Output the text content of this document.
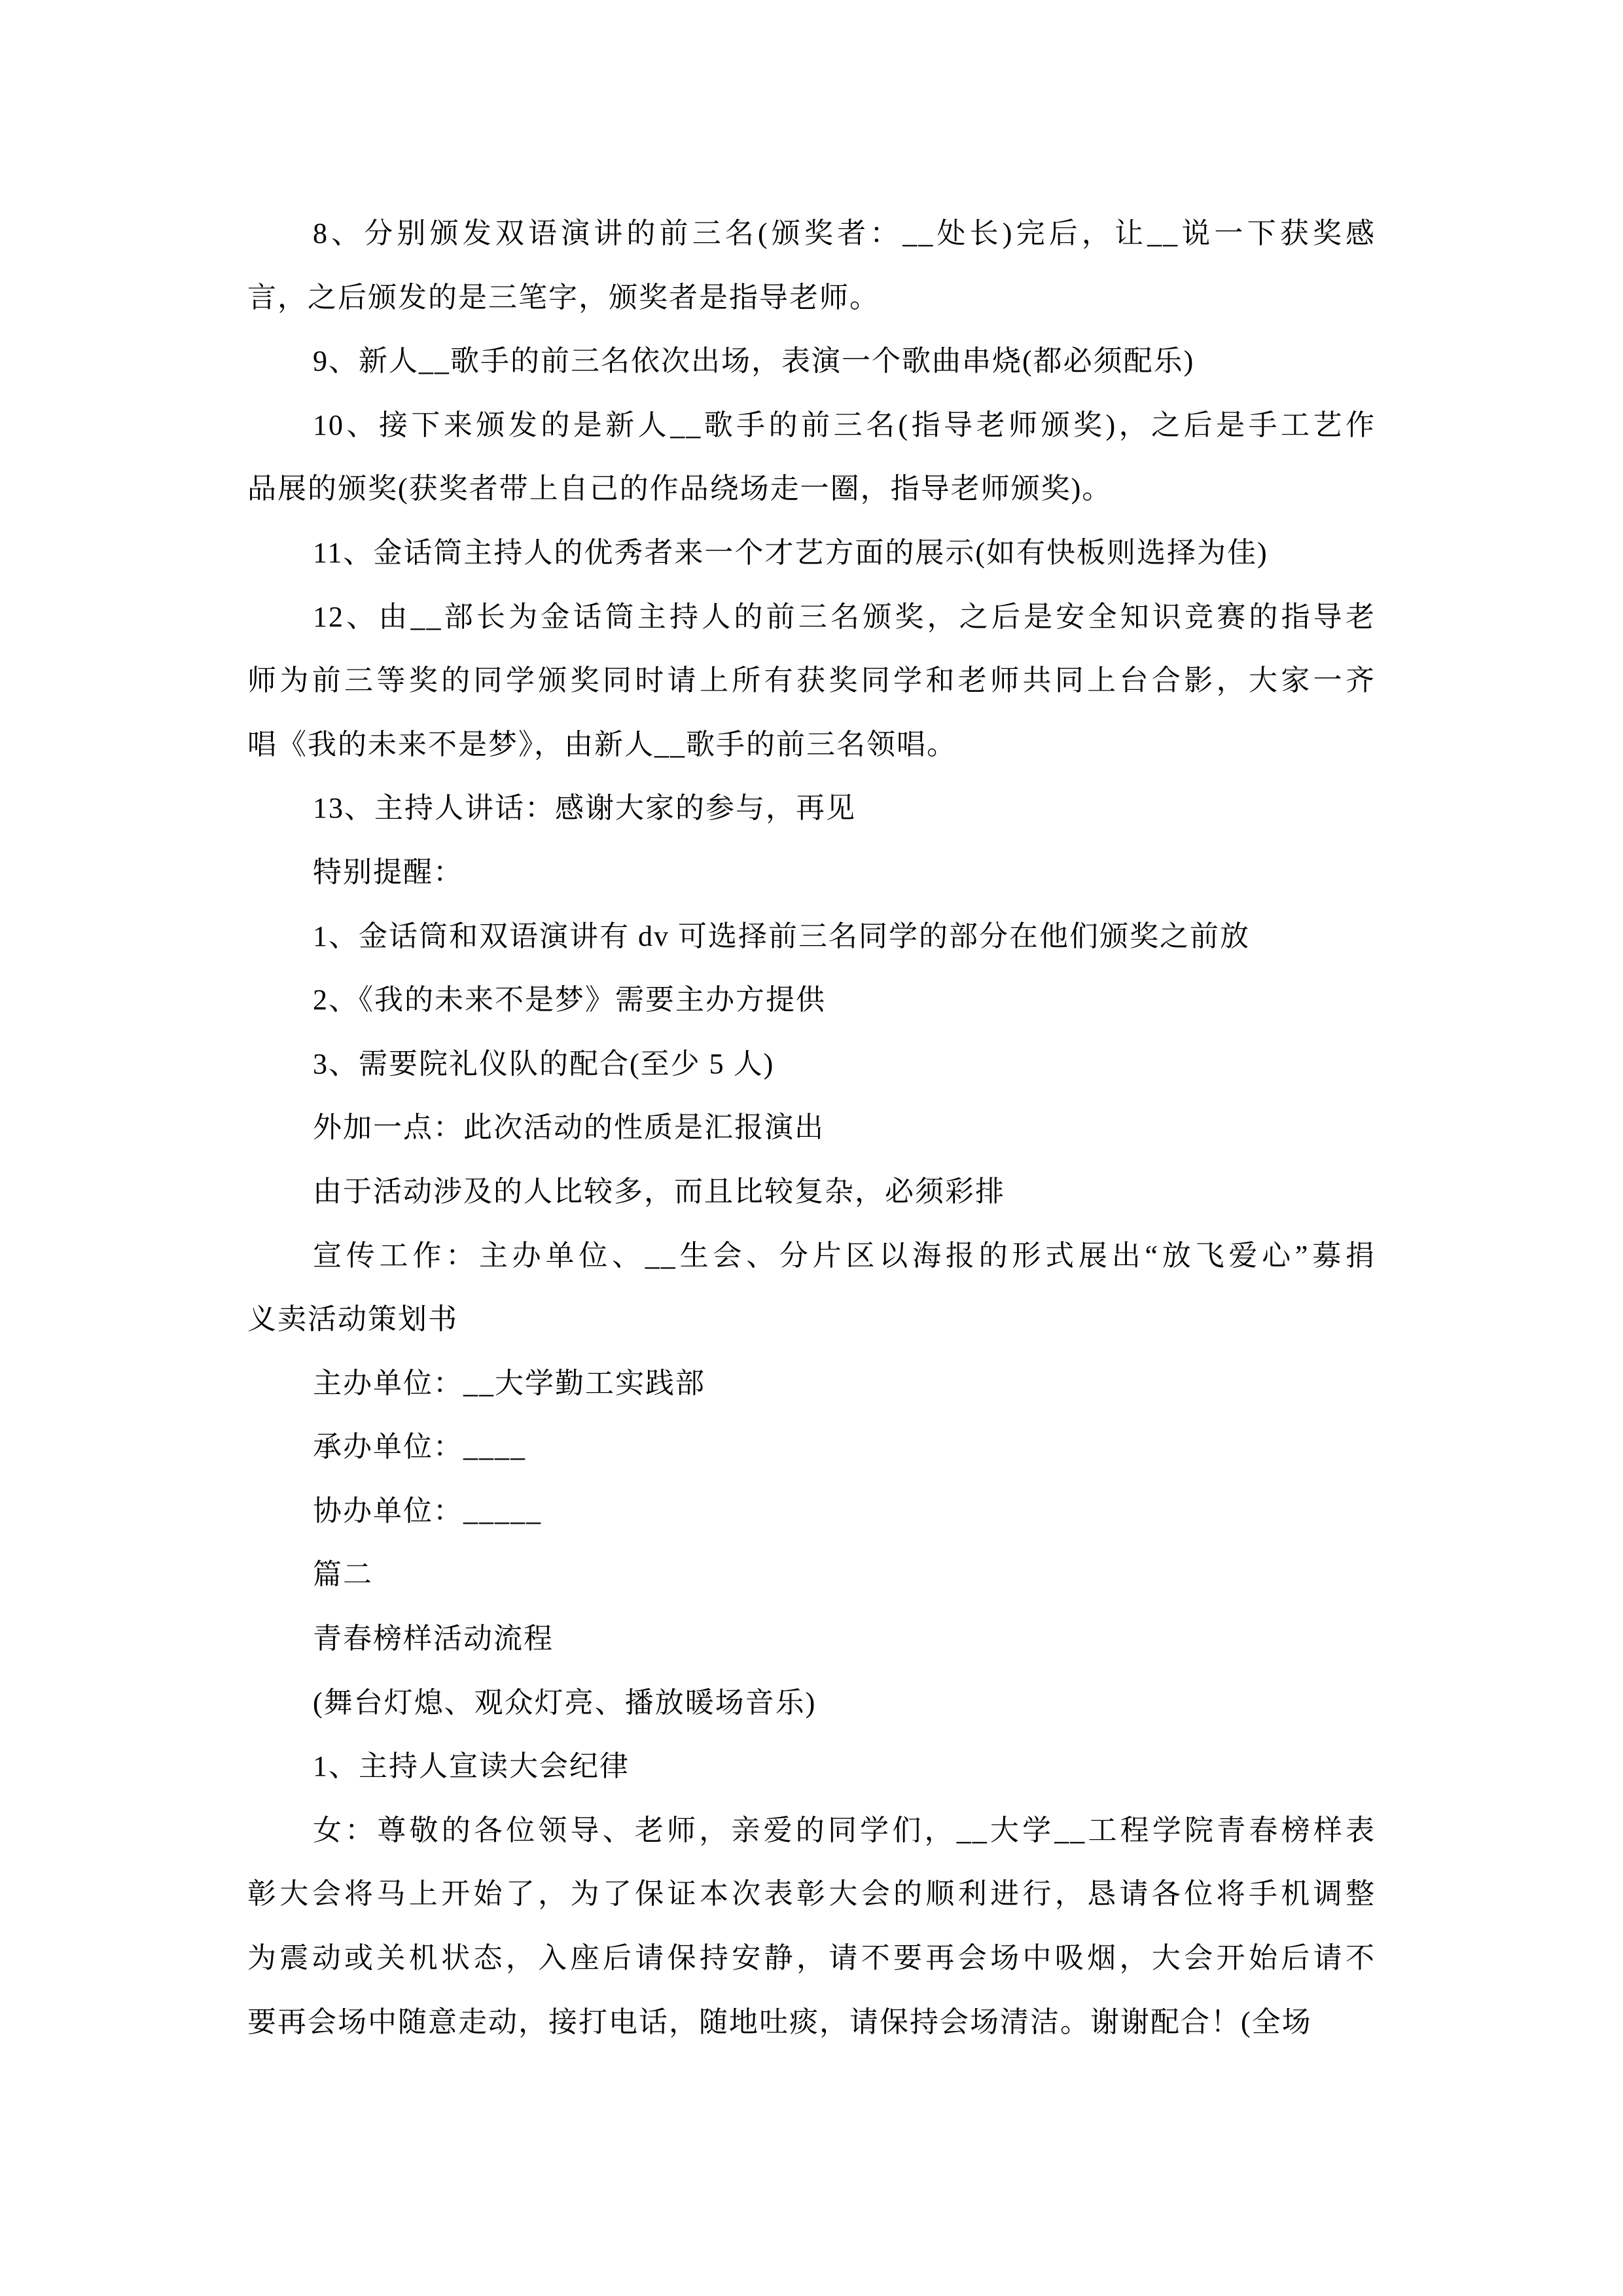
8、分别颁发双语演讲的前三名(颁奖者：__处长)完后，让__说一下获奖感
言，之后颁发的是三笔字，颁奖者是指导老师。
9、新人__歌手的前三名依次出场，表演一个歌曲串烧(都必须配乐)
10、接下来颁发的是新人__歌手的前三名(指导老师颁奖)，之后是手工艺作
品展的颁奖(获奖者带上自己的作品绕场走一圈，指导老师颁奖)。
11、金话筒主持人的优秀者来一个才艺方面的展示(如有快板则选择为佳)
12、由__部长为金话筒主持人的前三名颁奖，之后是安全知识竞赛的指导老
师为前三等奖的同学颁奖同时请上所有获奖同学和老师共同上台合影，大家一齐
唱《我的未来不是梦》，由新人__歌手的前三名领唱。
13、主持人讲话：感谢大家的参与，再见
特别提醒：
1、金话筒和双语演讲有 dv 可选择前三名同学的部分在他们颁奖之前放
2、《我的未来不是梦》需要主办方提供
3、需要院礼仪队的配合(至少 5 人)
外加一点：此次活动的性质是汇报演出
由于活动涉及的人比较多，而且比较复杂，必须彩排
宣传工作：主办单位、__生会、分片区以海报的形式展出“放飞爱心”募捐
义卖活动策划书
主办单位：__大学勤工实践部
承办单位：____
协办单位：_____
篇二
青春榜样活动流程
(舞台灯熄、观众灯亮、播放暖场音乐)
1、主持人宣读大会纪律
女：尊敬的各位领导、老师，亲爱的同学们，__大学__工程学院青春榜样表
彰大会将马上开始了，为了保证本次表彰大会的顺利进行，恳请各位将手机调整
为震动或关机状态，入座后请保持安静，请不要再会场中吸烟，大会开始后请不
要再会场中随意走动，接打电话，随地吐痰，请保持会场清洁。谢谢配合！(全场
